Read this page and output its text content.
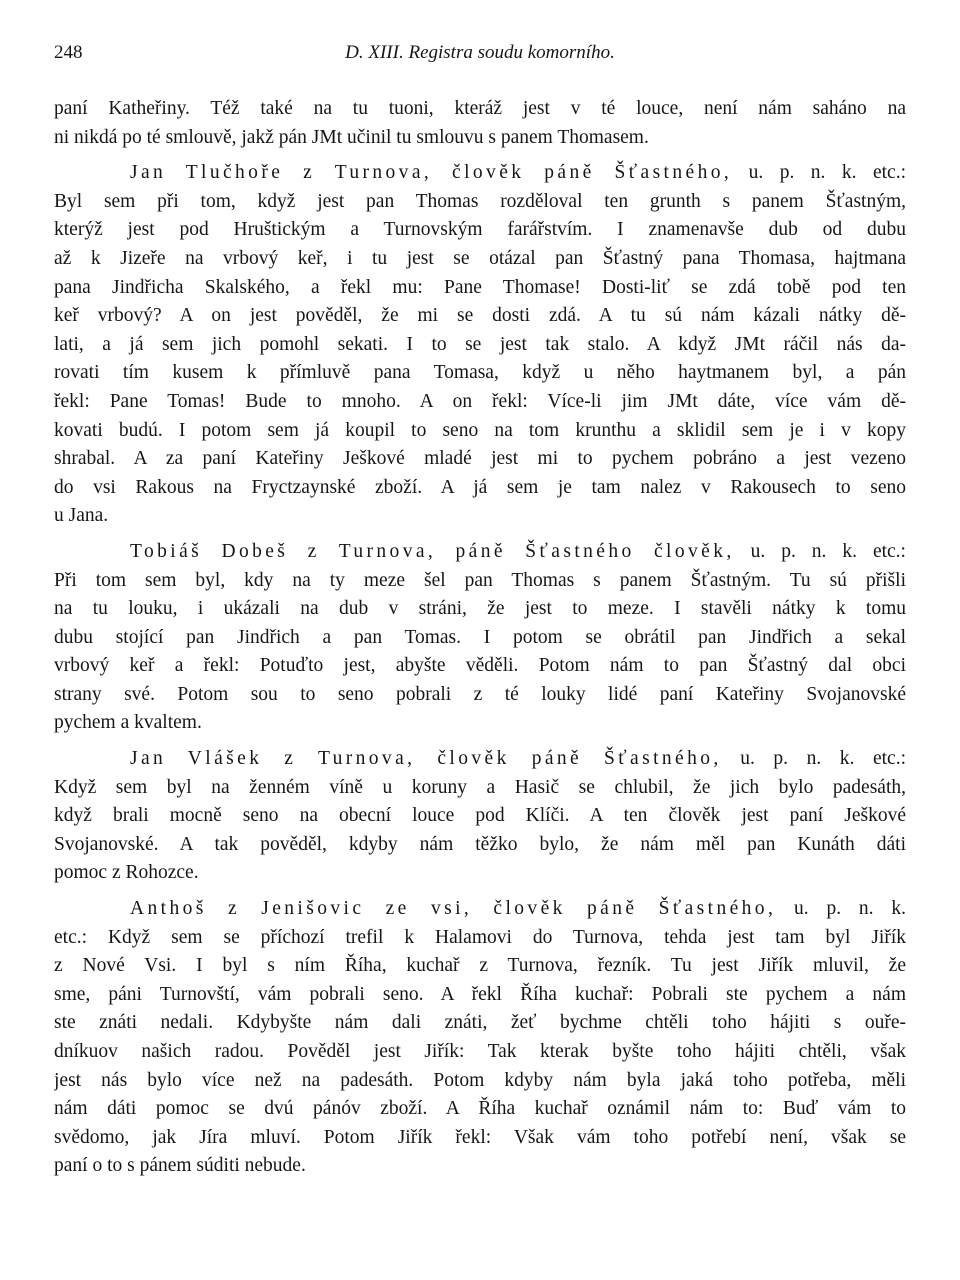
248	D. XIII. Registra soudu komorního.
paní Katheřiny. Též také na tu tuoni, kteráž jest v té louce, není nám saháno na
ni nikdá po té smlouvě, jakž pán JMt učinil tu smlouvu s panem Thomasem.
Jan Tlučhoře z Turnova, člověk páně Šťastného, u. p. n. k. etc.:
Byl sem při tom, když jest pan Thomas rozděloval ten grunth s panem Šťastným,
kterýž jest pod Hruštickým a Turnovským farářstvím. I znamenavše dub od dubu
až k Jizeře na vrbový keř, i tu jest se otázal pan Šťastný pana Thomasa, hajtmana
pana Jindřicha Skalského, a řekl mu: Pane Thomase! Dosti-liť se zdá tobě pod ten
keř vrbový? A on jest pověděl, že mi se dosti zdá. A tu sú nám kázali nátky dě-
lati, a já sem jich pomohl sekati. I to se jest tak stalo. A když JMt ráčil nás da-
rovati tím kusem k přímluvě pana Tomasa, když u něho haytmanem byl, a pán
řekl: Pane Tomas! Bude to mnoho. A on řekl: Více-li jim JMt dáte, více vám dě-
kovati budú. I potom sem já koupil to seno na tom krunthu a sklidil sem je i v kopy
shrabal. A za paní Kateřiny Ješkové mladé jest mi to pychem pobráno a jest vezeno
do vsi Rakous na Fryctzaynské zboží. A já sem je tam nalez v Rakousech to seno
u Jana.
Tobiáš Dobeš z Turnova, páně Šťastného člověk, u. p. n. k. etc.:
Při tom sem byl, kdy na ty meze šel pan Thomas s panem Šťastným. Tu sú přišli
na tu louku, i ukázali na dub v stráni, že jest to meze. I stavěli nátky k tomu
dubu stojící pan Jindřich a pan Tomas. I potom se obrátil pan Jindřich a sekal
vrbový keř a řekl: Potuďto jest, abyšte věděli. Potom nám to pan Šťastný dal obci
strany své. Potom sou to seno pobrali z té louky lidé paní Kateřiny Svojanovské
pychem a kvaltem.
Jan Vlášek z Turnova, člověk páně Šťastného, u. p. n. k. etc.:
Když sem byl na ženném víně u koruny a Hasič se chlubil, že jich bylo padesáth,
když brali mocně seno na obecní louce pod Klíči. A ten člověk jest paní Ješkové
Svojanovské. A tak pověděl, kdyby nám těžko bylo, že nám měl pan Kunáth dáti
pomoc z Rohozce.
Anthoš z Jenišovic ze vsi, člověk páně Šťastného, u. p. n. k.
etc.: Když sem se příchozí trefil k Halamovi do Turnova, tehda jest tam byl Jiřík
z Nové Vsi. I byl s ním Říha, kuchař z Turnova, řezník. Tu jest Jiřík mluvil, že
sme, páni Turnovští, vám pobrali seno. A řekl Říha kuchař: Pobrali ste pychem a nám
ste znáti nedali. Kdybyšte nám dali znáti, žeť bychme chtěli toho hájiti s ouře-
dníkuov našich radou. Pověděl jest Jiřík: Tak kterak byšte toho hájiti chtěli, však
jest nás bylo více než na padesáth. Potom kdyby nám byla jaká toho potřeba, měli
nám dáti pomoc se dvú pánóv zboží. A Říha kuchař oznámil nám to: Buď vám to
svědomo, jak Jíra mluví. Potom Jiřík řekl: Však vám toho potřebí není, však se
paní o to s pánem súditi nebude.
